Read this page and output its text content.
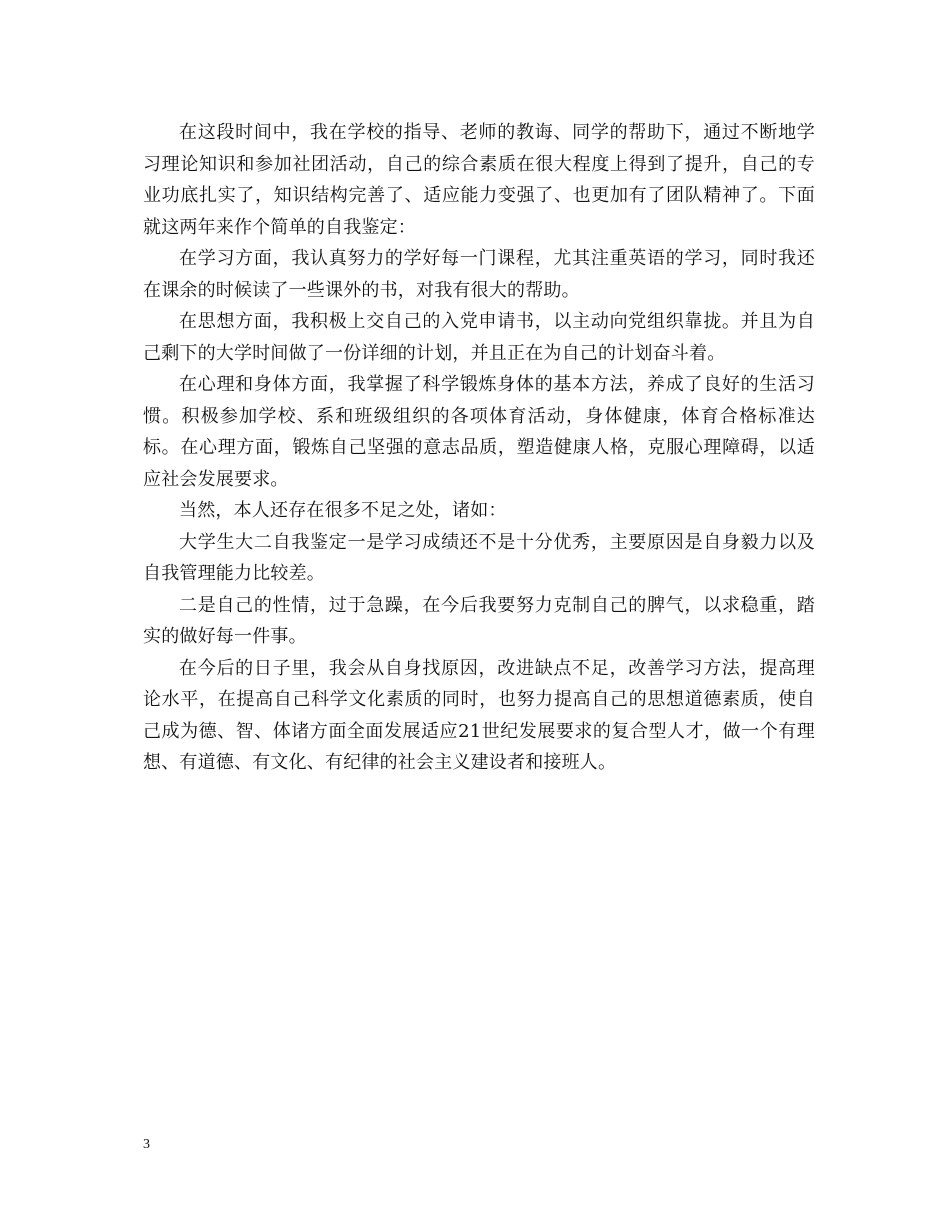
在这段时间中，我在学校的指导、老师的教诲、同学的帮助下，通过不断地学习理论知识和参加社团活动，自己的综合素质在很大程度上得到了提升，自己的专业功底扎实了，知识结构完善了、适应能力变强了、也更加有了团队精神了。下面就这两年来作个简单的自我鉴定：

在学习方面，我认真努力的学好每一门课程，尤其注重英语的学习，同时我还在课余的时候读了一些课外的书，对我有很大的帮助。

在思想方面，我积极上交自己的入党申请书，以主动向党组织靠拢。并且为自己剩下的大学时间做了一份详细的计划，并且正在为自己的计划奋斗着。

在心理和身体方面，我掌握了科学锻炼身体的基本方法，养成了良好的生活习惯。积极参加学校、系和班级组织的各项体育活动，身体健康，体育合格标准达标。在心理方面，锻炼自己坚强的意志品质，塑造健康人格，克服心理障碍，以适应社会发展要求。

当然，本人还存在很多不足之处，诸如：

大学生大二自我鉴定一是学习成绩还不是十分优秀，主要原因是自身毅力以及自我管理能力比较差。

二是自己的性情，过于急躁，在今后我要努力克制自己的脾气，以求稳重，踏实的做好每一件事。

在今后的日子里，我会从自身找原因，改进缺点不足，改善学习方法，提高理论水平，在提高自己科学文化素质的同时，也努力提高自己的思想道德素质，使自己成为德、智、体诸方面全面发展适应21世纪发展要求的复合型人才，做一个有理想、有道德、有文化、有纪律的社会主义建设者和接班人。

3
